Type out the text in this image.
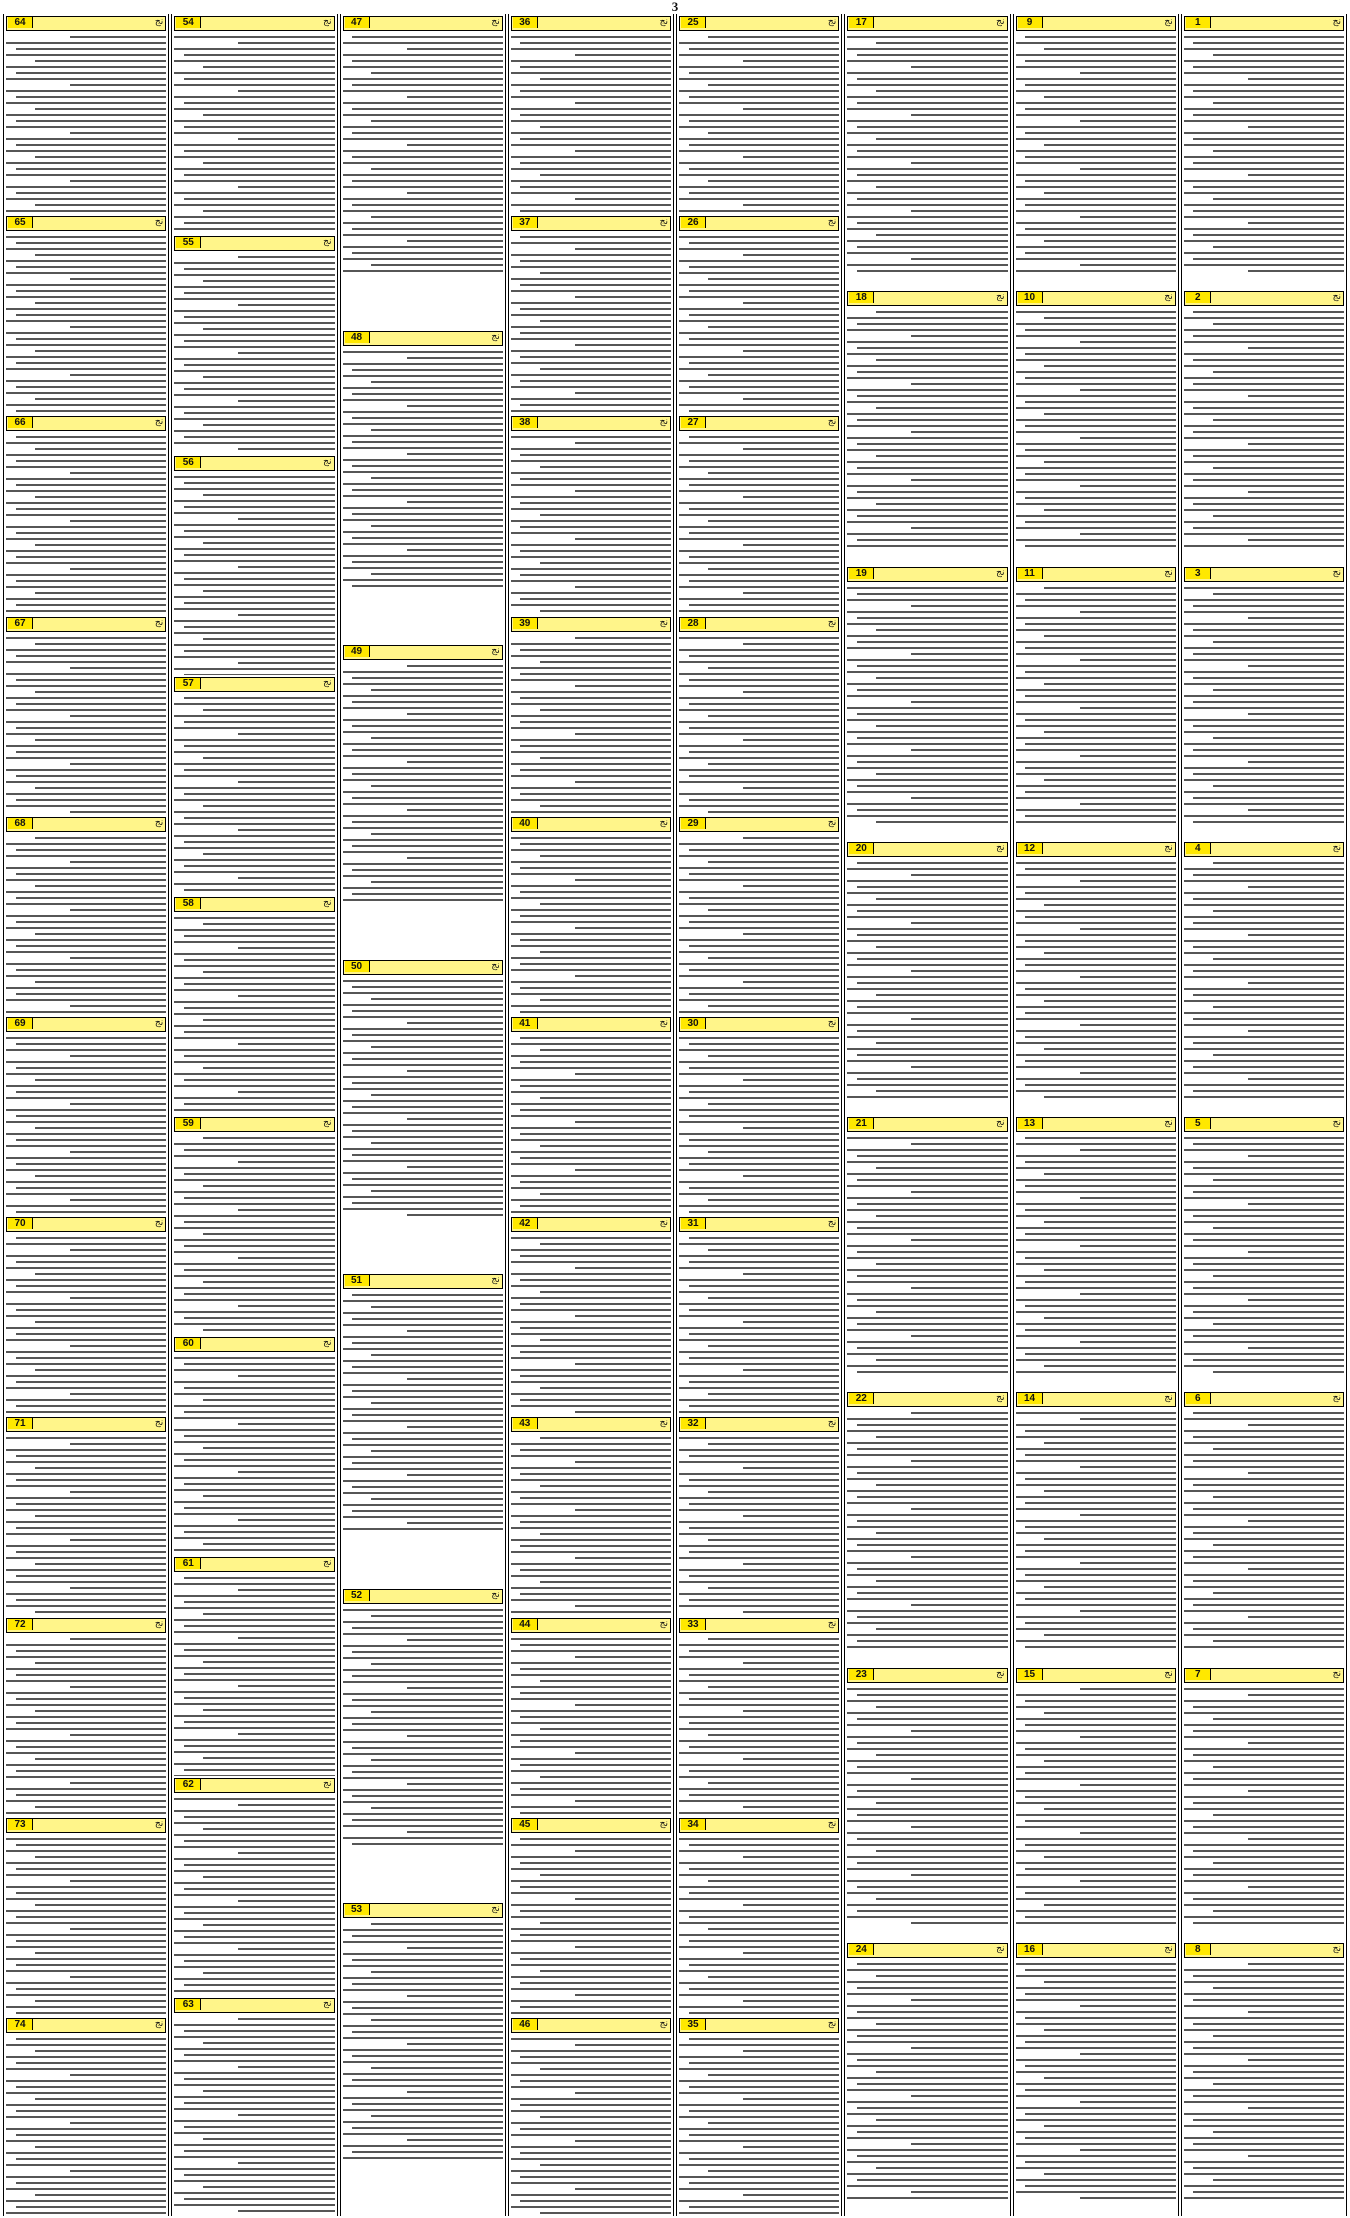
3
1	نج
2	نج
3	نج
4	نج
5	نج
6	نج
7	نج
8	نج
9	نج
10	نج
11	نج
12	نج
13	نج
14	نج
15	نج
16	نج
17	نج
18	نج
19	نج
20	نج
21	نج
22	نج
23	نج
24	نج
25	نج
26	نج
27	نج
28	نج
29	نج
30	نج
31	نج
32	نج
33	نج
34	نج
35	نج
36	نج
37	نج
38	نج
39	نج
40	نج
41	نج
42	نج
43	نج
44	نج
45	نج
46	نج
47	نج
48	نج
49	نج
50	نج
51	نج
52	نج
53	نج
54	نج
55	نج
56	نج
57	نج
58	نج
59	نج
60	نج
61	نج
62	نج
63	نج
64	نج
65	نج
66	نج
67	نج
68	نج
69	نج
70	نج
71	نج
72	نج
73	نج
74	نج
